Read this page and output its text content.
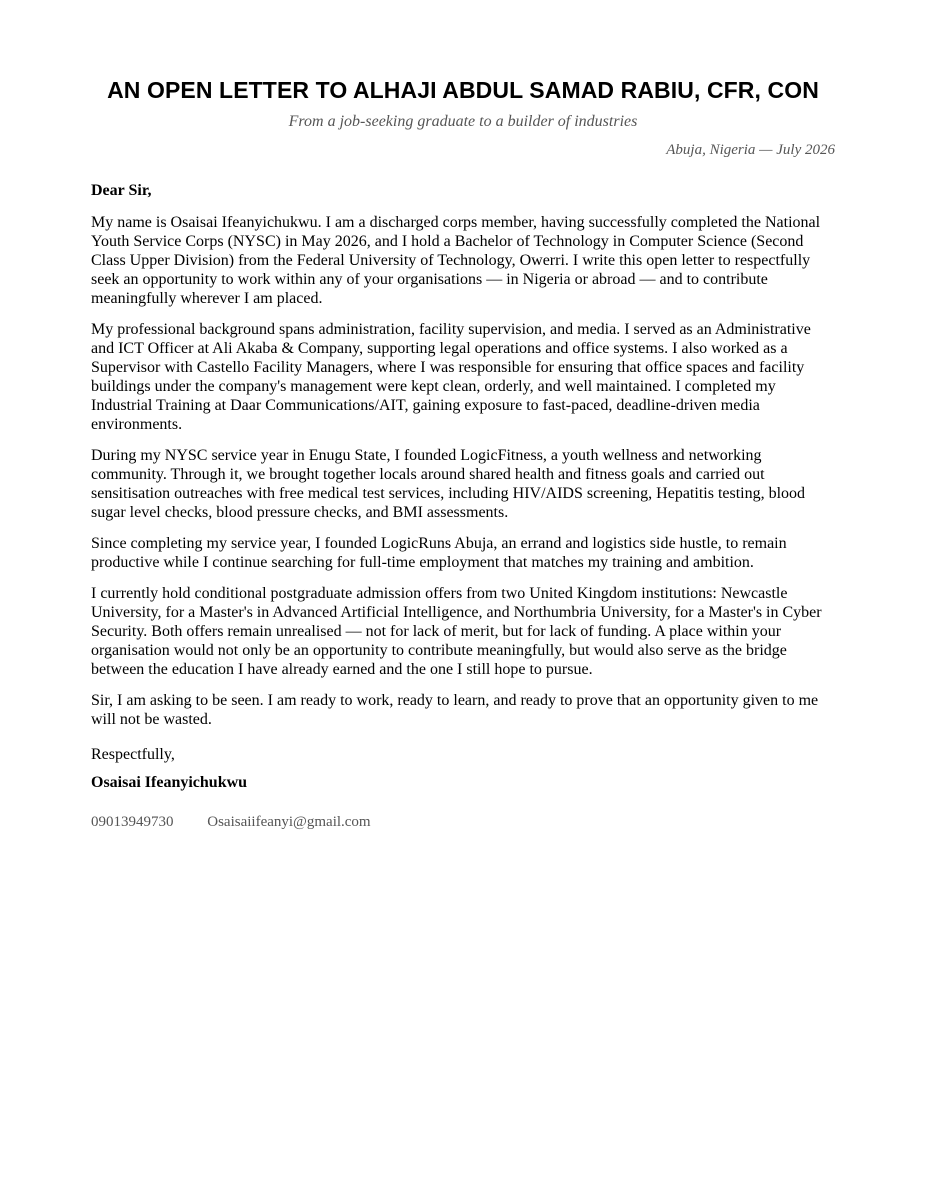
AN OPEN LETTER TO ALHAJI ABDUL SAMAD RABIU, CFR, CON

From a job-seeking graduate to a builder of industries

Abuja, Nigeria — July 2026

Dear Sir,

My name is Osaisai Ifeanyichukwu. I am a discharged corps member, having successfully completed the National Youth Service Corps (NYSC) in May 2026, and I hold a Bachelor of Technology in Computer Science (Second Class Upper Division) from the Federal University of Technology, Owerri. I write this open letter to respectfully seek an opportunity to work within any of your organisations — in Nigeria or abroad — and to contribute meaningfully wherever I am placed.

My professional background spans administration, facility supervision, and media. I served as an Administrative and ICT Officer at Ali Akaba & Company, supporting legal operations and office systems. I also worked as a Supervisor with Castello Facility Managers, where I was responsible for ensuring that office spaces and facility buildings under the company's management were kept clean, orderly, and well maintained. I completed my Industrial Training at Daar Communications/AIT, gaining exposure to fast-paced, deadline-driven media environments.

During my NYSC service year in Enugu State, I founded LogicFitness, a youth wellness and networking community. Through it, we brought together locals around shared health and fitness goals and carried out sensitisation outreaches with free medical test services, including HIV/AIDS screening, Hepatitis testing, blood sugar level checks, blood pressure checks, and BMI assessments.

Since completing my service year, I founded LogicRuns Abuja, an errand and logistics side hustle, to remain productive while I continue searching for full-time employment that matches my training and ambition.

I currently hold conditional postgraduate admission offers from two United Kingdom institutions: Newcastle University, for a Master's in Advanced Artificial Intelligence, and Northumbria University, for a Master's in Cyber Security. Both offers remain unrealised — not for lack of merit, but for lack of funding. A place within your organisation would not only be an opportunity to contribute meaningfully, but would also serve as the bridge between the education I have already earned and the one I still hope to pursue.

Sir, I am asking to be seen. I am ready to work, ready to learn, and ready to prove that an opportunity given to me will not be wasted.

Respectfully,

Osaisai Ifeanyichukwu

09013949730 Osaisaiifeanyi@gmail.com
